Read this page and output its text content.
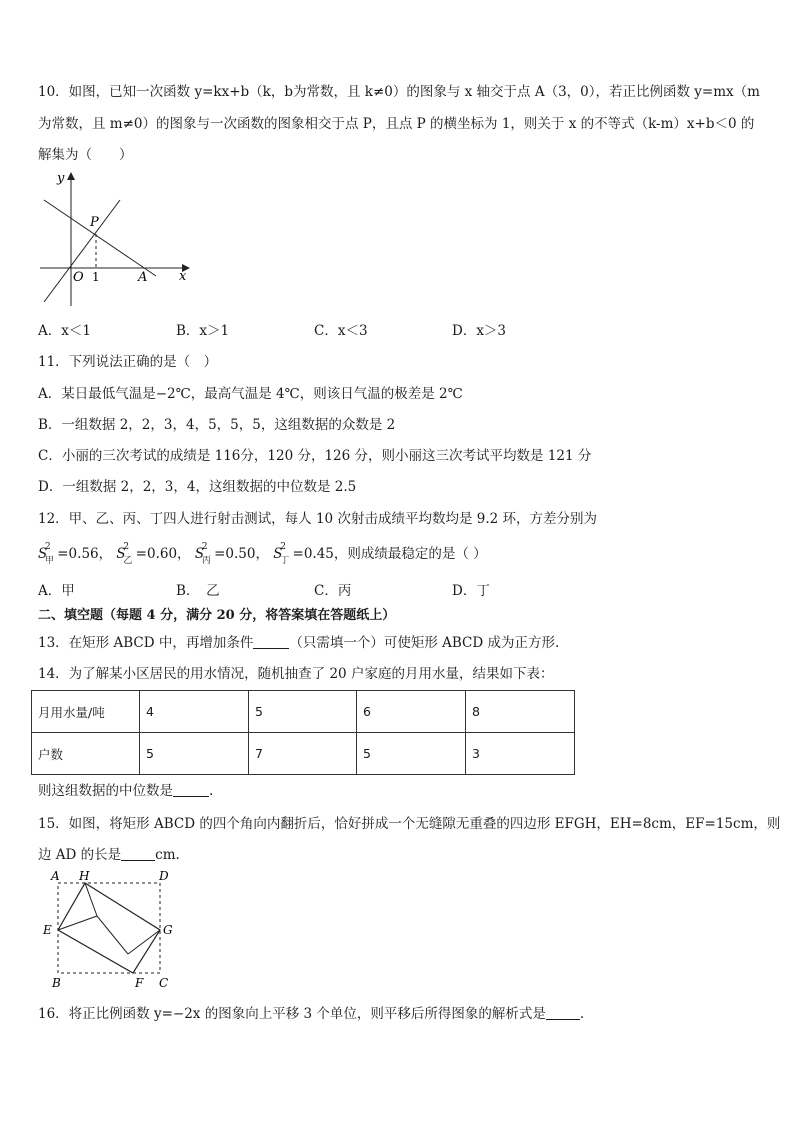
10．如图，已知一次函数 y=kx+b（k，b为常数，且 k≠0）的图象与 x 轴交于点 A（3，0），若正比例函数 y=mx（m
为常数，且 m≠0）的图象与一次函数的图象相交于点 P，且点 P 的横坐标为 1，则关于 x 的不等式（k-m）x+b＜0 的
解集为（　　）
y
x
P
O	A
1
A．x＜1	B．x＞1	C．x＜3	D．x＞3
11．下列说法正确的是（　）
A．某日最低气温是−2℃，最高气温是 4℃，则该日气温的极差是 2℃
B．一组数据 2，2，3，4，5，5，5，这组数据的众数是 2
C．小丽的三次考试的成绩是 116分，120 分，126 分，则小丽这三次考试平均数是 121 分
D．一组数据 2，2，3，4，这组数据的中位数是 2.5
12．甲、乙、丙、丁四人进行射击测试，每人 10 次射击成绩平均数均是 9.2 环，方差分别为
S
2
甲 =0.56， S
2
乙 =0.60， S
2
丙 =0.50， S
2
丁 =0.45，则成绩最稳定的是（ ）
A．甲	B．　乙	C．丙	D．丁
二、填空题（每题 4 分，满分 20 分，将答案填在答题纸上）
13．在矩形 ABCD 中，再增加条件	（只需填一个）可使矩形 ABCD 成为正方形.
14．为了解某小区居民的用水情况，随机抽查了 20 户家庭的月用水量，结果如下表：
月用水量/吨	4	5	6	8
户数	5	7	5	3
则这组数据的中位数是	.
15．如图，将矩形 ABCD 的四个角向内翻折后，恰好拼成一个无缝隙无重叠的四边形 EFGH，EH=8cm，EF=15cm，则
边 AD 的长是	cm.
A H	D
E	G
B	F C
16．将正比例函数 y=−2x 的图象向上平移 3 个单位，则平移后所得图象的解析式是	.
